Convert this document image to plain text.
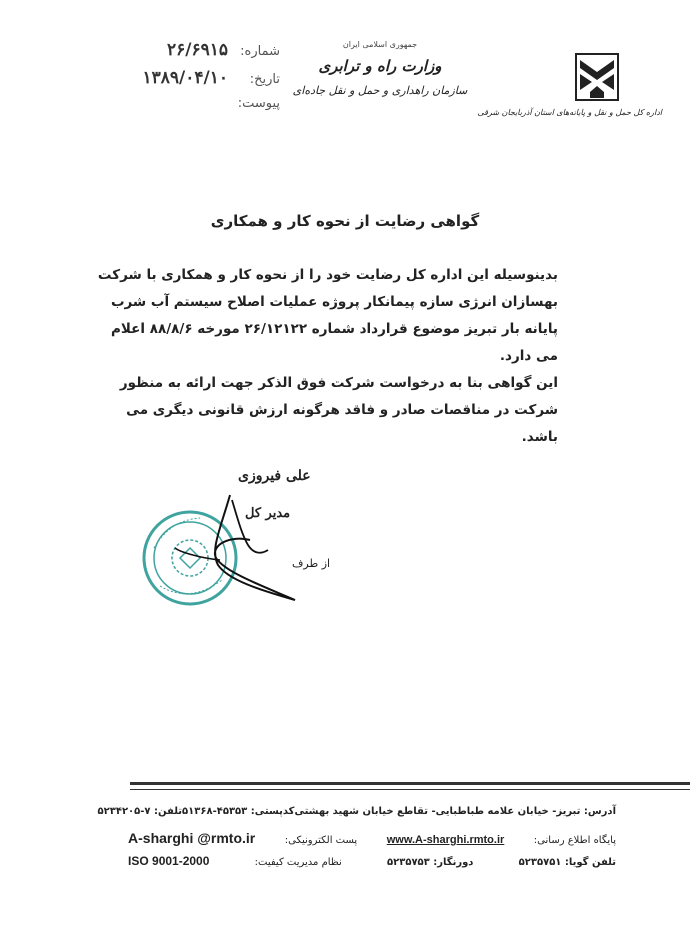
شماره:
۲۶/۶۹۱۵
تاریخ:
۱۳۸۹/۰۴/۱۰
پیوست:
جمهوری اسلامی ایران
وزارت راه و ترابری
سازمان راهداری و حمل و نقل جاده‌ای
اداره کل حمل و نقل و پایانه‌های استان آذربایجان شرقی
گواهی رضایت از نحوه کار و همکاری

بدینوسیله این اداره کل رضایت خود را از نحوه کار و همکاری با شرکت بهسازان انرژی سازه پیمانکار پروژه عملیات اصلاح سیستم آب شرب پایانه بار تبریز موضوع قرارداد شماره ۲۶/۱۲۱۲۲ مورخه ۸۸/۸/۶ اعلام می دارد.

این گواهی بنا به درخواست شرکت فوق الذکر جهت ارائه به منظور شرکت در مناقصات صادر و فاقد هرگونه ارزش قانونی دیگری می باشد.

علی فیروزی
مدیر کل
از طرف
آدرس: تبریز- خیابان علامه طباطبایی- تقاطع خیابان شهید بهشتی
کدپستی: ۴۵۳۵۳-۵۱۳۶۸
تلفن: ۷-۵۲۳۴۲۰۵
پایگاه اطلاع رسانی:
www.A-sharghi.rmto.ir
پست الکترونیکی:
A-sharghi @rmto.ir
تلفن گویا: ۵۲۳۵۷۵۱
دورنگار: ۵۲۳۵۷۵۳
نظام مدیریت کیفیت:
ISO 9001-2000
